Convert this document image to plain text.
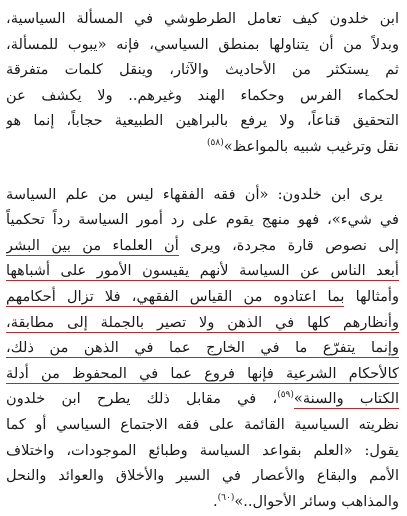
ابن خلدون كيف تعامل الطرطوشي في المسألة السياسية،
وبدلاً من أن يتناولها بمنطق السياسي، فإنه «يبوب للمسألة،
ثم يستكثر من الأحاديث والآثار، وينقل كلمات متفرقة
لحكماء الفرس وحكماء الهند وغيرهم.. ولا يكشف عن
التحقيق قناعاً، ولا يرفع بالبراهين الطبيعية حجاباً، إنما هو
نقل وترغيب شبيه بالمواعظ»$^{(٥٨)}$

يرى ابن خلدون: «أن فقه الفقهاء ليس من علم السياسة
في شيء»، فهو منهج يقوم على رد أمور السياسة رداً تحكمياً
إلى نصوص قارة مجردة، ويرى أن العلماء من بين البشر
أبعد الناس عن السياسة لأنهم يقيسون الأمور على أشباهها
وأمثالها بما اعتادوه من القياس الفقهي، فلا تزال أحكامهم
وأنظارهم كلها في الذهن ولا تصير بالجملة إلى مطابقة،
وإنما يتفرّع ما في الخارج عما في الذهن من ذلك،
كالأحكام الشرعية فإنها فروع عما في المحفوظ من أدلة
الكتاب والسنة»$^{(٥٩)}$، في مقابل ذلك يطرح ابن خلدون
نظريته السياسية القائمة على فقه الاجتماع السياسي أو كما
يقول: «العلم بقواعد السياسة وطبائع الموجودات، واختلاف
الأمم والبقاع والأعصار في السير والأخلاق والعوائد والنحل
والمذاهب وسائر الأحوال..»$^{(٦٠)}$.
